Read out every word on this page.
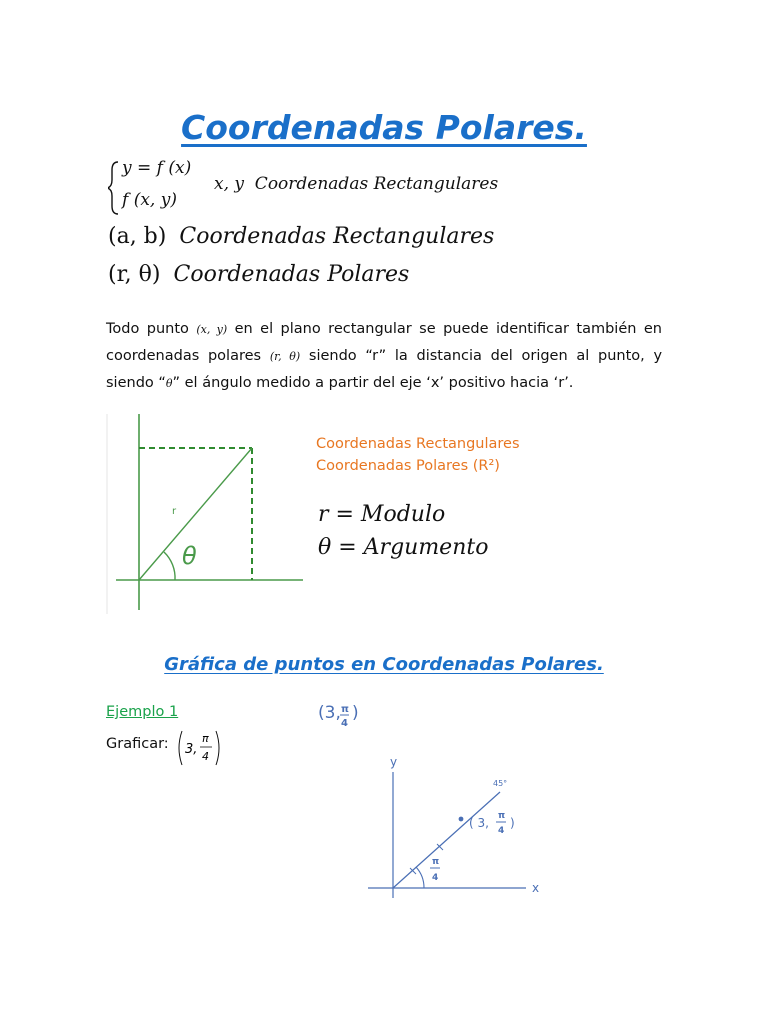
Coordenadas Polares.
y = f (x)
f (x, y)
x, y  Coordenadas Rectangulares
(a, b) Coordenadas Rectangulares
(r, θ) Coordenadas Polares
Todo punto (x, y) en el plano rectangular se puede identificar también en coordenadas polares (r, θ) siendo “r” la distancia del origen al punto, y siendo “θ” el ángulo medido a partir del eje ‘x’ positivo hacia ‘r’.
r
θ
Coordenadas Rectangulares
Coordenadas Polares (R²)
r = Modulo
θ = Argumento
Gráfica de puntos en Coordenadas Polares.
Ejemplo 1
Graficar: 3,
π
4
(3, π
4
)
y
x
45°
( 3, π
4
)
π
4
